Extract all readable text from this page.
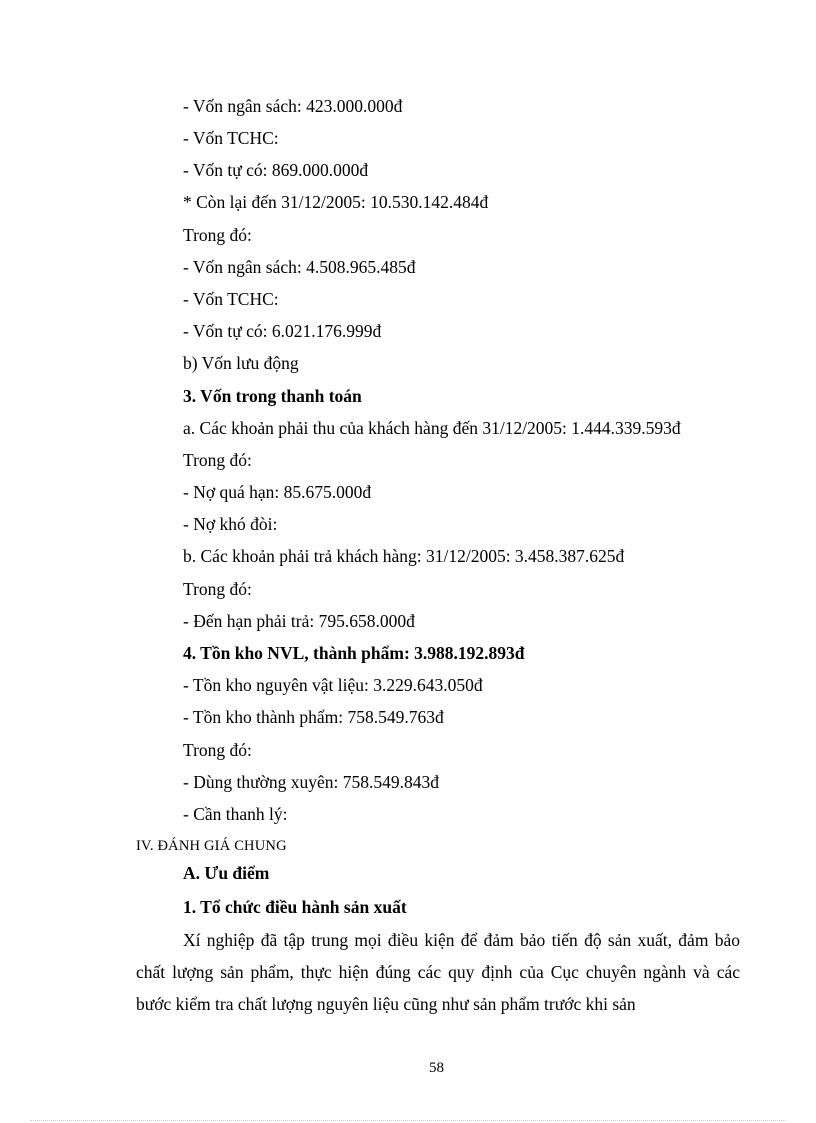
- Vốn ngân sách: 423.000.000đ
- Vốn TCHC:
- Vốn tự có: 869.000.000đ
* Còn lại đến 31/12/2005: 10.530.142.484đ
Trong đó:
- Vốn ngân sách: 4.508.965.485đ
- Vốn TCHC:
- Vốn tự có: 6.021.176.999đ
b) Vốn lưu động
3. Vốn trong thanh toán
a. Các khoản phải thu của khách hàng đến 31/12/2005: 1.444.339.593đ
Trong đó:
- Nợ quá hạn: 85.675.000đ
- Nợ khó đòi:
b. Các khoản phải trả khách hàng: 31/12/2005: 3.458.387.625đ
Trong đó:
- Đến hạn phải trả: 795.658.000đ
4. Tồn kho NVL, thành phẩm: 3.988.192.893đ
- Tồn kho nguyên vật liệu: 3.229.643.050đ
- Tồn kho thành phẩm: 758.549.763đ
Trong đó:
- Dùng thường xuyên: 758.549.843đ
- Cần thanh lý:
IV. ĐÁNH GIÁ CHUNG
A. Ưu điểm
1. Tổ chức điều hành sản xuất
Xí nghiệp đã tập trung mọi điều kiện để đảm bảo tiến độ sản xuất, đảm bảo chất lượng sản phẩm, thực hiện đúng các quy định của Cục chuyên ngành và các bước kiểm tra chất lượng nguyên liệu cũng như sản phẩm trước khi sản
58
